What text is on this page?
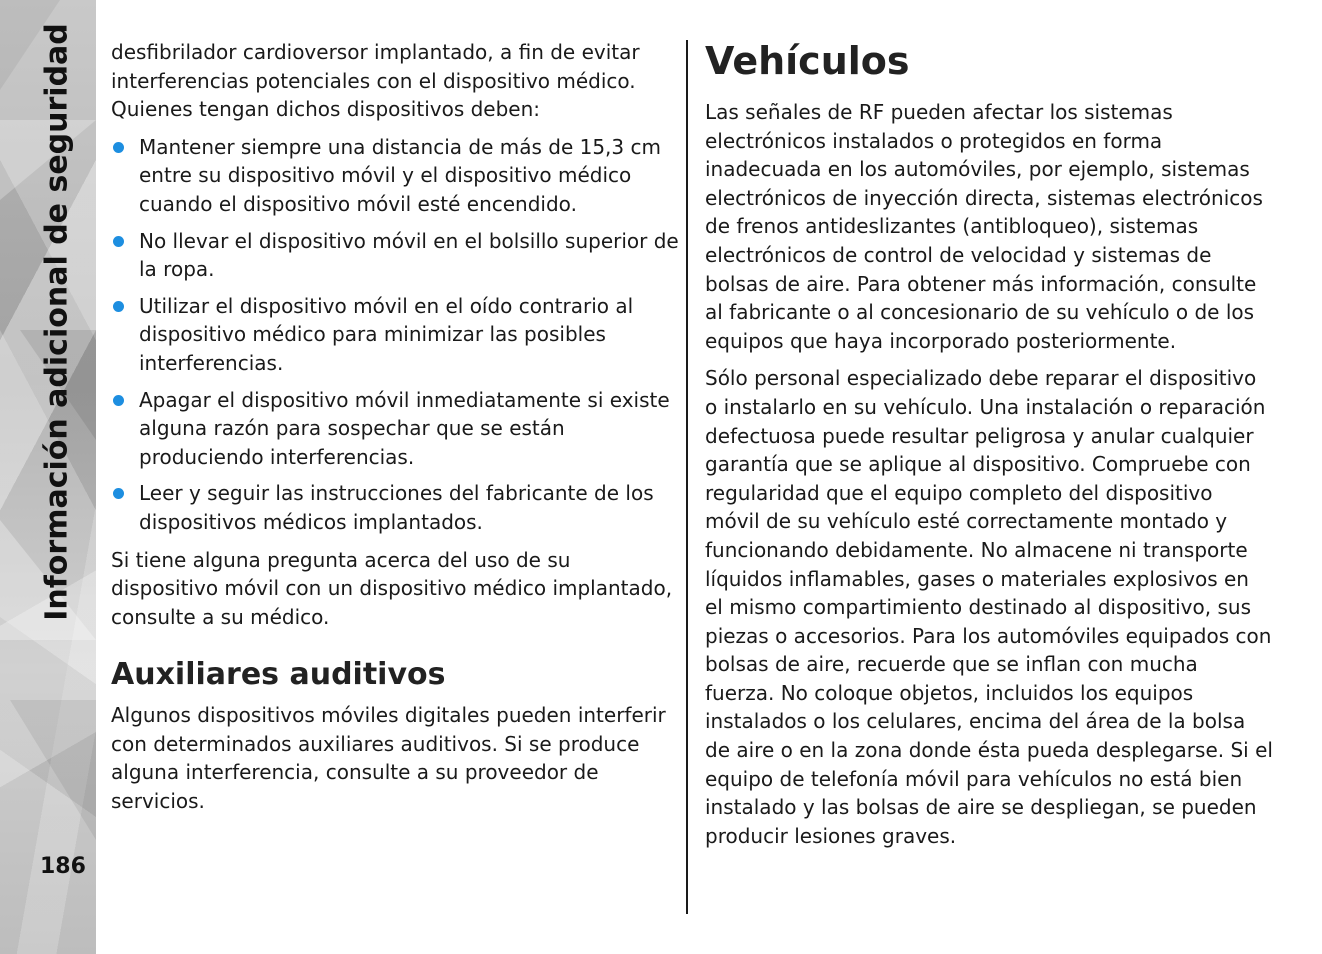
Información adicional de seguridad
186

desfibrilador cardioversor implantado, a fin de evitar interferencias potenciales con el dispositivo médico. Quienes tengan dichos dispositivos deben:

Mantener siempre una distancia de más de 15,3 cm entre su dispositivo móvil y el dispositivo médico cuando el dispositivo móvil esté encendido.
No llevar el dispositivo móvil en el bolsillo superior de la ropa.
Utilizar el dispositivo móvil en el oído contrario al dispositivo médico para minimizar las posibles interferencias.
Apagar el dispositivo móvil inmediatamente si existe alguna razón para sospechar que se están produciendo interferencias.
Leer y seguir las instrucciones del fabricante de los dispositivos médicos implantados.

Si tiene alguna pregunta acerca del uso de su dispositivo móvil con un dispositivo médico implantado, consulte a su médico.

Auxiliares auditivos

Algunos dispositivos móviles digitales pueden interferir con determinados auxiliares auditivos. Si se produce alguna interferencia, consulte a su proveedor de servicios.

Vehículos

Las señales de RF pueden afectar los sistemas electrónicos instalados o protegidos en forma inadecuada en los automóviles, por ejemplo, sistemas electrónicos de inyección directa, sistemas electrónicos de frenos antideslizantes (antibloqueo), sistemas electrónicos de control de velocidad y sistemas de bolsas de aire. Para obtener más información, consulte al fabricante o al concesionario de su vehículo o de los equipos que haya incorporado posteriormente.

Sólo personal especializado debe reparar el dispositivo o instalarlo en su vehículo. Una instalación o reparación defectuosa puede resultar peligrosa y anular cualquier garantía que se aplique al dispositivo. Compruebe con regularidad que el equipo completo del dispositivo móvil de su vehículo esté correctamente montado y funcionando debidamente. No almacene ni transporte líquidos inflamables, gases o materiales explosivos en el mismo compartimiento destinado al dispositivo, sus piezas o accesorios. Para los automóviles equipados con bolsas de aire, recuerde que se inflan con mucha fuerza. No coloque objetos, incluidos los equipos instalados o los celulares, encima del área de la bolsa de aire o en la zona donde ésta pueda desplegarse. Si el equipo de telefonía móvil para vehículos no está bien instalado y las bolsas de aire se despliegan, se pueden producir lesiones graves.
